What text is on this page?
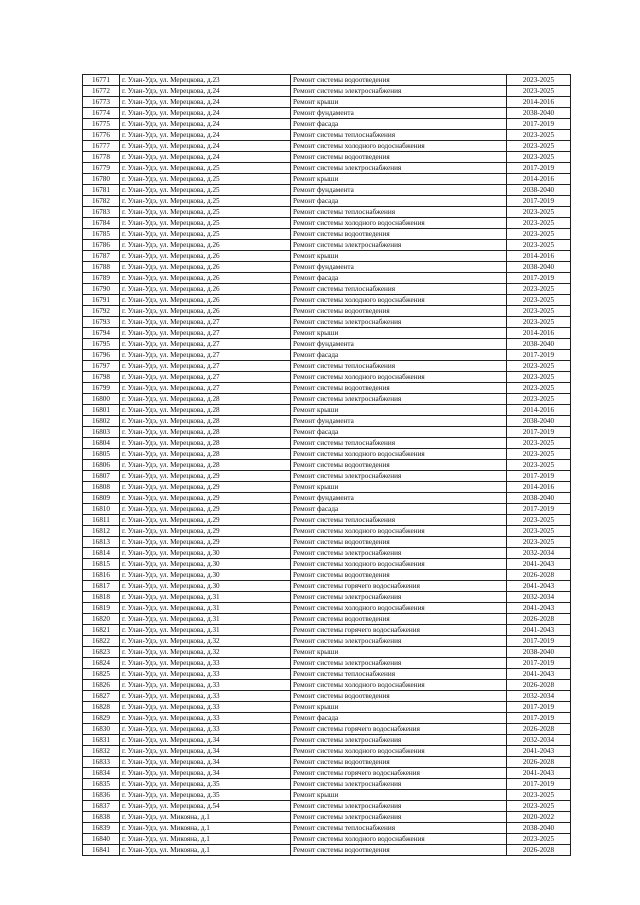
16771	г. Улан-Удэ, ул. Мерецкова, д.23	Ремонт системы водоотведения	2023-2025
16772	г. Улан-Удэ, ул. Мерецкова, д.24	Ремонт системы электроснабжения	2023-2025
16773	г. Улан-Удэ, ул. Мерецкова, д.24	Ремонт крыши	2014-2016
16774	г. Улан-Удэ, ул. Мерецкова, д.24	Ремонт фундамента	2038-2040
16775	г. Улан-Удэ, ул. Мерецкова, д.24	Ремонт фасада	2017-2019
16776	г. Улан-Удэ, ул. Мерецкова, д.24	Ремонт системы теплоснабжения	2023-2025
16777	г. Улан-Удэ, ул. Мерецкова, д.24	Ремонт системы холодного водоснабжения	2023-2025
16778	г. Улан-Удэ, ул. Мерецкова, д.24	Ремонт системы водоотведения	2023-2025
16779	г. Улан-Удэ, ул. Мерецкова, д.25	Ремонт системы электроснабжения	2017-2019
16780	г. Улан-Удэ, ул. Мерецкова, д.25	Ремонт крыши	2014-2016
16781	г. Улан-Удэ, ул. Мерецкова, д.25	Ремонт фундамента	2038-2040
16782	г. Улан-Удэ, ул. Мерецкова, д.25	Ремонт фасада	2017-2019
16783	г. Улан-Удэ, ул. Мерецкова, д.25	Ремонт системы теплоснабжения	2023-2025
16784	г. Улан-Удэ, ул. Мерецкова, д.25	Ремонт системы холодного водоснабжения	2023-2025
16785	г. Улан-Удэ, ул. Мерецкова, д.25	Ремонт системы водоотведения	2023-2025
16786	г. Улан-Удэ, ул. Мерецкова, д.26	Ремонт системы электроснабжения	2023-2025
16787	г. Улан-Удэ, ул. Мерецкова, д.26	Ремонт крыши	2014-2016
16788	г. Улан-Удэ, ул. Мерецкова, д.26	Ремонт фундамента	2038-2040
16789	г. Улан-Удэ, ул. Мерецкова, д.26	Ремонт фасада	2017-2019
16790	г. Улан-Удэ, ул. Мерецкова, д.26	Ремонт системы теплоснабжения	2023-2025
16791	г. Улан-Удэ, ул. Мерецкова, д.26	Ремонт системы холодного водоснабжения	2023-2025
16792	г. Улан-Удэ, ул. Мерецкова, д.26	Ремонт системы водоотведения	2023-2025
16793	г. Улан-Удэ, ул. Мерецкова, д.27	Ремонт системы электроснабжения	2023-2025
16794	г. Улан-Удэ, ул. Мерецкова, д.27	Ремонт крыши	2014-2016
16795	г. Улан-Удэ, ул. Мерецкова, д.27	Ремонт фундамента	2038-2040
16796	г. Улан-Удэ, ул. Мерецкова, д.27	Ремонт фасада	2017-2019
16797	г. Улан-Удэ, ул. Мерецкова, д.27	Ремонт системы теплоснабжения	2023-2025
16798	г. Улан-Удэ, ул. Мерецкова, д.27	Ремонт системы холодного водоснабжения	2023-2025
16799	г. Улан-Удэ, ул. Мерецкова, д.27	Ремонт системы водоотведения	2023-2025
16800	г. Улан-Удэ, ул. Мерецкова, д.28	Ремонт системы электроснабжения	2023-2025
16801	г. Улан-Удэ, ул. Мерецкова, д.28	Ремонт крыши	2014-2016
16802	г. Улан-Удэ, ул. Мерецкова, д.28	Ремонт фундамента	2038-2040
16803	г. Улан-Удэ, ул. Мерецкова, д.28	Ремонт фасада	2017-2019
16804	г. Улан-Удэ, ул. Мерецкова, д.28	Ремонт системы теплоснабжения	2023-2025
16805	г. Улан-Удэ, ул. Мерецкова, д.28	Ремонт системы холодного водоснабжения	2023-2025
16806	г. Улан-Удэ, ул. Мерецкова, д.28	Ремонт системы водоотведения	2023-2025
16807	г. Улан-Удэ, ул. Мерецкова, д.29	Ремонт системы электроснабжения	2017-2019
16808	г. Улан-Удэ, ул. Мерецкова, д.29	Ремонт крыши	2014-2016
16809	г. Улан-Удэ, ул. Мерецкова, д.29	Ремонт фундамента	2038-2040
16810	г. Улан-Удэ, ул. Мерецкова, д.29	Ремонт фасада	2017-2019
16811	г. Улан-Удэ, ул. Мерецкова, д.29	Ремонт системы теплоснабжения	2023-2025
16812	г. Улан-Удэ, ул. Мерецкова, д.29	Ремонт системы холодного водоснабжения	2023-2025
16813	г. Улан-Удэ, ул. Мерецкова, д.29	Ремонт системы водоотведения	2023-2025
16814	г. Улан-Удэ, ул. Мерецкова, д.30	Ремонт системы электроснабжения	2032-2034
16815	г. Улан-Удэ, ул. Мерецкова, д.30	Ремонт системы холодного водоснабжения	2041-2043
16816	г. Улан-Удэ, ул. Мерецкова, д.30	Ремонт системы водоотведения	2026-2028
16817	г. Улан-Удэ, ул. Мерецкова, д.30	Ремонт системы горячего водоснабжения	2041-2043
16818	г. Улан-Удэ, ул. Мерецкова, д.31	Ремонт системы электроснабжения	2032-2034
16819	г. Улан-Удэ, ул. Мерецкова, д.31	Ремонт системы холодного водоснабжения	2041-2043
16820	г. Улан-Удэ, ул. Мерецкова, д.31	Ремонт системы водоотведения	2026-2028
16821	г. Улан-Удэ, ул. Мерецкова, д.31	Ремонт системы горячего водоснабжения	2041-2043
16822	г. Улан-Удэ, ул. Мерецкова, д.32	Ремонт системы электроснабжения	2017-2019
16823	г. Улан-Удэ, ул. Мерецкова, д.32	Ремонт крыши	2038-2040
16824	г. Улан-Удэ, ул. Мерецкова, д.33	Ремонт системы электроснабжения	2017-2019
16825	г. Улан-Удэ, ул. Мерецкова, д.33	Ремонт системы теплоснабжения	2041-2043
16826	г. Улан-Удэ, ул. Мерецкова, д.33	Ремонт системы холодного водоснабжения	2026-2028
16827	г. Улан-Удэ, ул. Мерецкова, д.33	Ремонт системы водоотведения	2032-2034
16828	г. Улан-Удэ, ул. Мерецкова, д.33	Ремонт крыши	2017-2019
16829	г. Улан-Удэ, ул. Мерецкова, д.33	Ремонт фасада	2017-2019
16830	г. Улан-Удэ, ул. Мерецкова, д.33	Ремонт системы горячего водоснабжения	2026-2028
16831	г. Улан-Удэ, ул. Мерецкова, д.34	Ремонт системы электроснабжения	2032-2034
16832	г. Улан-Удэ, ул. Мерецкова, д.34	Ремонт системы холодного водоснабжения	2041-2043
16833	г. Улан-Удэ, ул. Мерецкова, д.34	Ремонт системы водоотведения	2026-2028
16834	г. Улан-Удэ, ул. Мерецкова, д.34	Ремонт системы горячего водоснабжения	2041-2043
16835	г. Улан-Удэ, ул. Мерецкова, д.35	Ремонт системы электроснабжения	2017-2019
16836	г. Улан-Удэ, ул. Мерецкова, д.35	Ремонт крыши	2023-2025
16837	г. Улан-Удэ, ул. Мерецкова, д.54	Ремонт системы электроснабжения	2023-2025
16838	г. Улан-Удэ, ул. Микояна, д.1	Ремонт системы электроснабжения	2020-2022
16839	г. Улан-Удэ, ул. Микояна, д.1	Ремонт системы теплоснабжения	2038-2040
16840	г. Улан-Удэ, ул. Микояна, д.1	Ремонт системы холодного водоснабжения	2023-2025
16841	г. Улан-Удэ, ул. Микояна, д.1	Ремонт системы водоотведения	2026-2028
